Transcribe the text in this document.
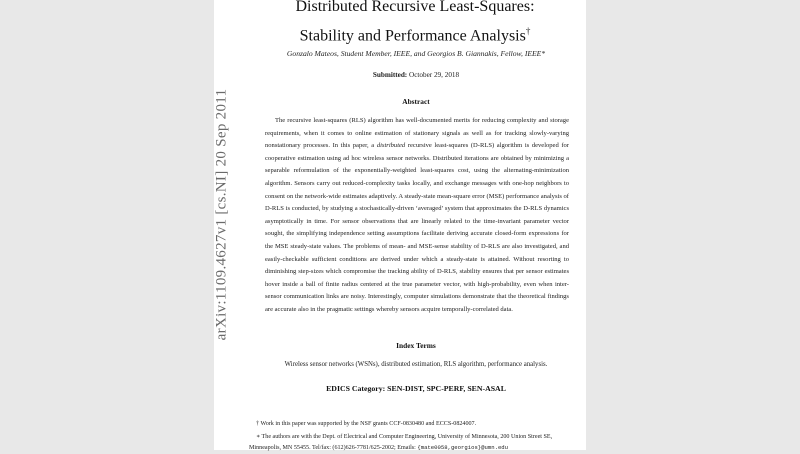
arXiv:1109.4627v1 [cs.NI] 20 Sep 2011
Distributed Recursive Least-Squares:
Stability and Performance Analysis†
Gonzalo Mateos, Student Member, IEEE, and Georgios B. Giannakis, Fellow, IEEE*
Submitted: October 29, 2018
Abstract

The recursive least-squares (RLS) algorithm has well-documented merits for reducing complexity and storage requirements, when it comes to online estimation of stationary signals as well as for tracking slowly-varying nonstationary processes. In this paper, a distributed recursive least-squares (D-RLS) algorithm is developed for cooperative estimation using ad hoc wireless sensor networks. Distributed iterations are obtained by minimizing a separable reformulation of the exponentially-weighted least-squares cost, using the alternating-minimization algorithm. Sensors carry out reduced-complexity tasks locally, and exchange messages with one-hop neighbors to consent on the network-wide estimates adaptively. A steady-state mean-square error (MSE) performance analysis of D-RLS is conducted, by studying a stochastically-driven ‘averaged’ system that approximates the D-RLS dynamics asymptotically in time. For sensor observations that are linearly related to the time-invariant parameter vector sought, the simplifying independence setting assumptions facilitate deriving accurate closed-form expressions for the MSE steady-state values. The problems of mean- and MSE-sense stability of D-RLS are also investigated, and easily-checkable sufficient conditions are derived under which a steady-state is attained. Without resorting to diminishing step-sizes which compromise the tracking ability of D-RLS, stability ensures that per sensor estimates hover inside a ball of finite radius centered at the true parameter vector, with high-probability, even when inter-sensor communication links are noisy. Interestingly, computer simulations demonstrate that the theoretical findings are accurate also in the pragmatic settings whereby sensors acquire temporally-correlated data.

Index Terms
Wireless sensor networks (WSNs), distributed estimation, RLS algorithm, performance analysis.
EDICS Category: SEN-DIST, SPC-PERF, SEN-ASAL
† Work in this paper was supported by the NSF grants CCF-0830480 and ECCS-0824007.
∗ The authors are with the Dept. of Electrical and Computer Engineering, University of Minnesota, 200 Union Street SE,
Minneapolis, MN 55455. Tel/fax: (612)626-7781/625-2002; Emails: {mate0058,georgios}@umn.edu
